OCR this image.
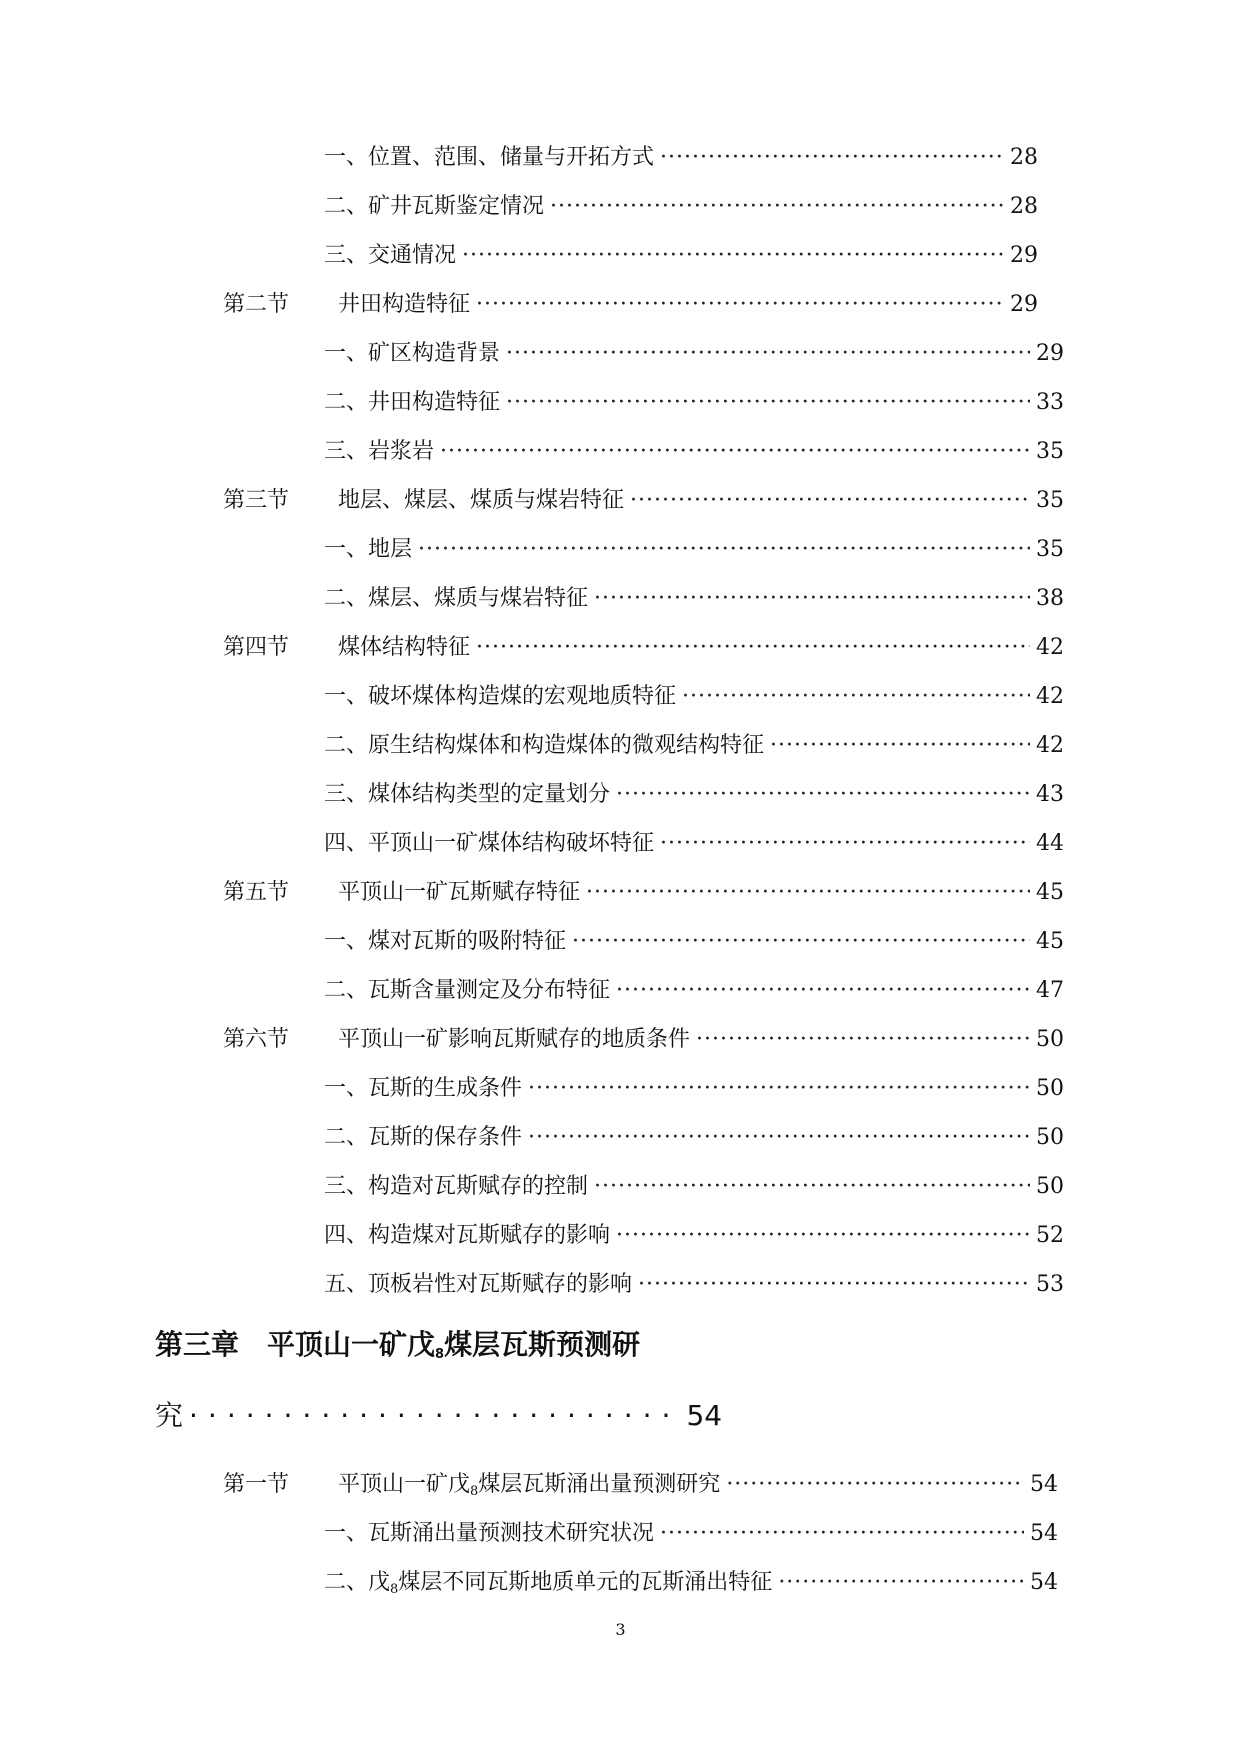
一、位置、范围、储量与开拓方式 ·····	28
二、矿井瓦斯鉴定情况 ·····	28
三、交通情况 ·····	29
第二节 井田构造特征 ·····	29
一、矿区构造背景 ·····	29
二、井田构造特征 ·····	33
三、岩浆岩 ·····	35
第三节 地层、煤层、煤质与煤岩特征 ·····	35
一、地层 ·····	35
二、煤层、煤质与煤岩特征 ·····	38
第四节 煤体结构特征 ·····	42
一、破坏煤体构造煤的宏观地质特征 ·····	42
二、原生结构煤体和构造煤体的微观结构特征 ·····	42
三、煤体结构类型的定量划分 ·····	43
四、平顶山一矿煤体结构破坏特征 ·····	44
第五节 平顶山一矿瓦斯赋存特征 ·····	45
一、煤对瓦斯的吸附特征 ·····	45
二、瓦斯含量测定及分布特征 ·····	47
第六节 平顶山一矿影响瓦斯赋存的地质条件 ·····	50
一、瓦斯的生成条件 ·····	50
二、瓦斯的保存条件 ·····	50
三、构造对瓦斯赋存的控制 ·····	50
四、构造煤对瓦斯赋存的影响 ·····	52
五、顶板岩性对瓦斯赋存的影响 ·····	53
第三章　平顶山一矿戊$_8$煤层瓦斯预测研
究 ·························· 54
第一节 平顶山一矿戊$_8$煤层瓦斯涌出量预测研究 ·····	54
一、瓦斯涌出量预测技术研究状况 ·····	54
二、戊$_8$煤层不同瓦斯地质单元的瓦斯涌出特征 ·····	54
3
